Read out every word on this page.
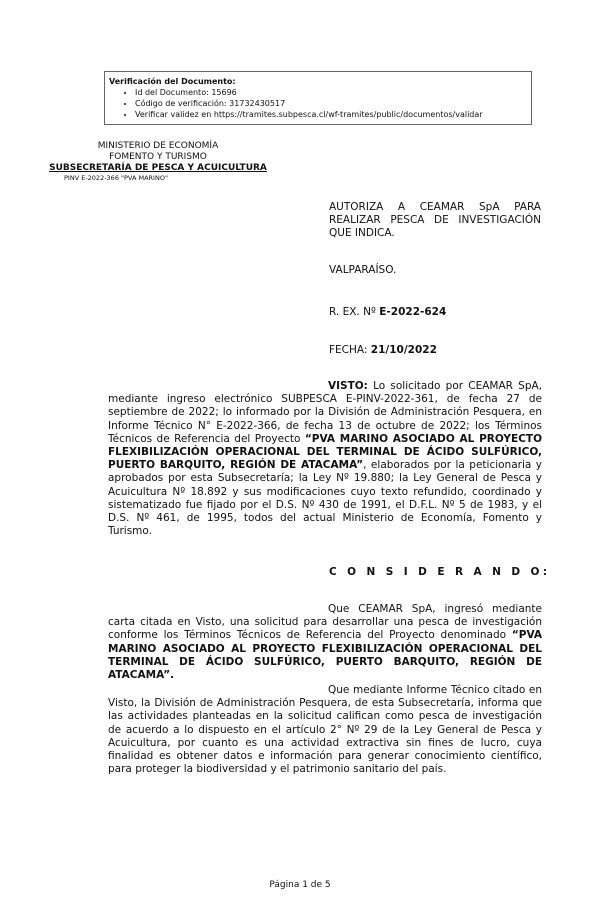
Verificación del Documento:
• Id del Documento: 15696
• Código de verificación: 31732430517
• Verificar validez en https://tramites.subpesca.cl/wf-tramites/public/documentos/validar
MINISTERIO DE ECONOMÍA
FOMENTO Y TURISMO
SUBSECRETARÍA DE PESCA Y ACUICULTURA
PINV E-2022-366 "PVA MARINO"
AUTORIZA A CEAMAR SpA PARA
REALIZAR PESCA DE INVESTIGACIÓN
QUE INDICA.
VALPARAÍSO.
R. EX. Nº E-2022-624
FECHA: 21/10/2022
VISTO: Lo solicitado por CEAMAR SpA, mediante ingreso electrónico SUBPESCA E-PINV-2022-361, de fecha 27 de septiembre de 2022; lo informado por la División de Administración Pesquera, en Informe Técnico N° E-2022-366, de fecha 13 de octubre de 2022; los Términos Técnicos de Referencia del Proyecto “PVA MARINO ASOCIADO AL PROYECTO FLEXIBILIZACIÓN OPERACIONAL DEL TERMINAL DE ÁCIDO SULFÚRICO, PUERTO BARQUITO, REGIÓN DE ATACAMA”, elaborados por la peticionaria y aprobados por esta Subsecretaría; la Ley Nº 19.880; la Ley General de Pesca y Acuicultura Nº 18.892 y sus modificaciones cuyo texto refundido, coordinado y sistematizado fue fijado por el D.S. Nº 430 de 1991, el D.F.L. Nº 5 de 1983, y el D.S. Nº 461, de 1995, todos del actual Ministerio de Economía, Fomento y Turismo.
C O N S I D E R A N D O:
Que CEAMAR SpA, ingresó mediante carta citada en Visto, una solicitud para desarrollar una pesca de investigación conforme los Términos Técnicos de Referencia del Proyecto denominado “PVA MARINO ASOCIADO AL PROYECTO FLEXIBILIZACIÓN OPERACIONAL DEL TERMINAL DE ÁCIDO SULFÚRICO, PUERTO BARQUITO, REGIÓN DE ATACAMA”.
Que mediante Informe Técnico citado en Visto, la División de Administración Pesquera, de esta Subsecretaría, informa que las actividades planteadas en la solicitud califican como pesca de investigación de acuerdo a lo dispuesto en el artículo 2° Nº 29 de la Ley General de Pesca y Acuicultura, por cuanto es una actividad extractiva sin fines de lucro, cuya finalidad es obtener datos e información para generar conocimiento científico, para proteger la biodiversidad y el patrimonio sanitario del país.
Página 1 de 5
